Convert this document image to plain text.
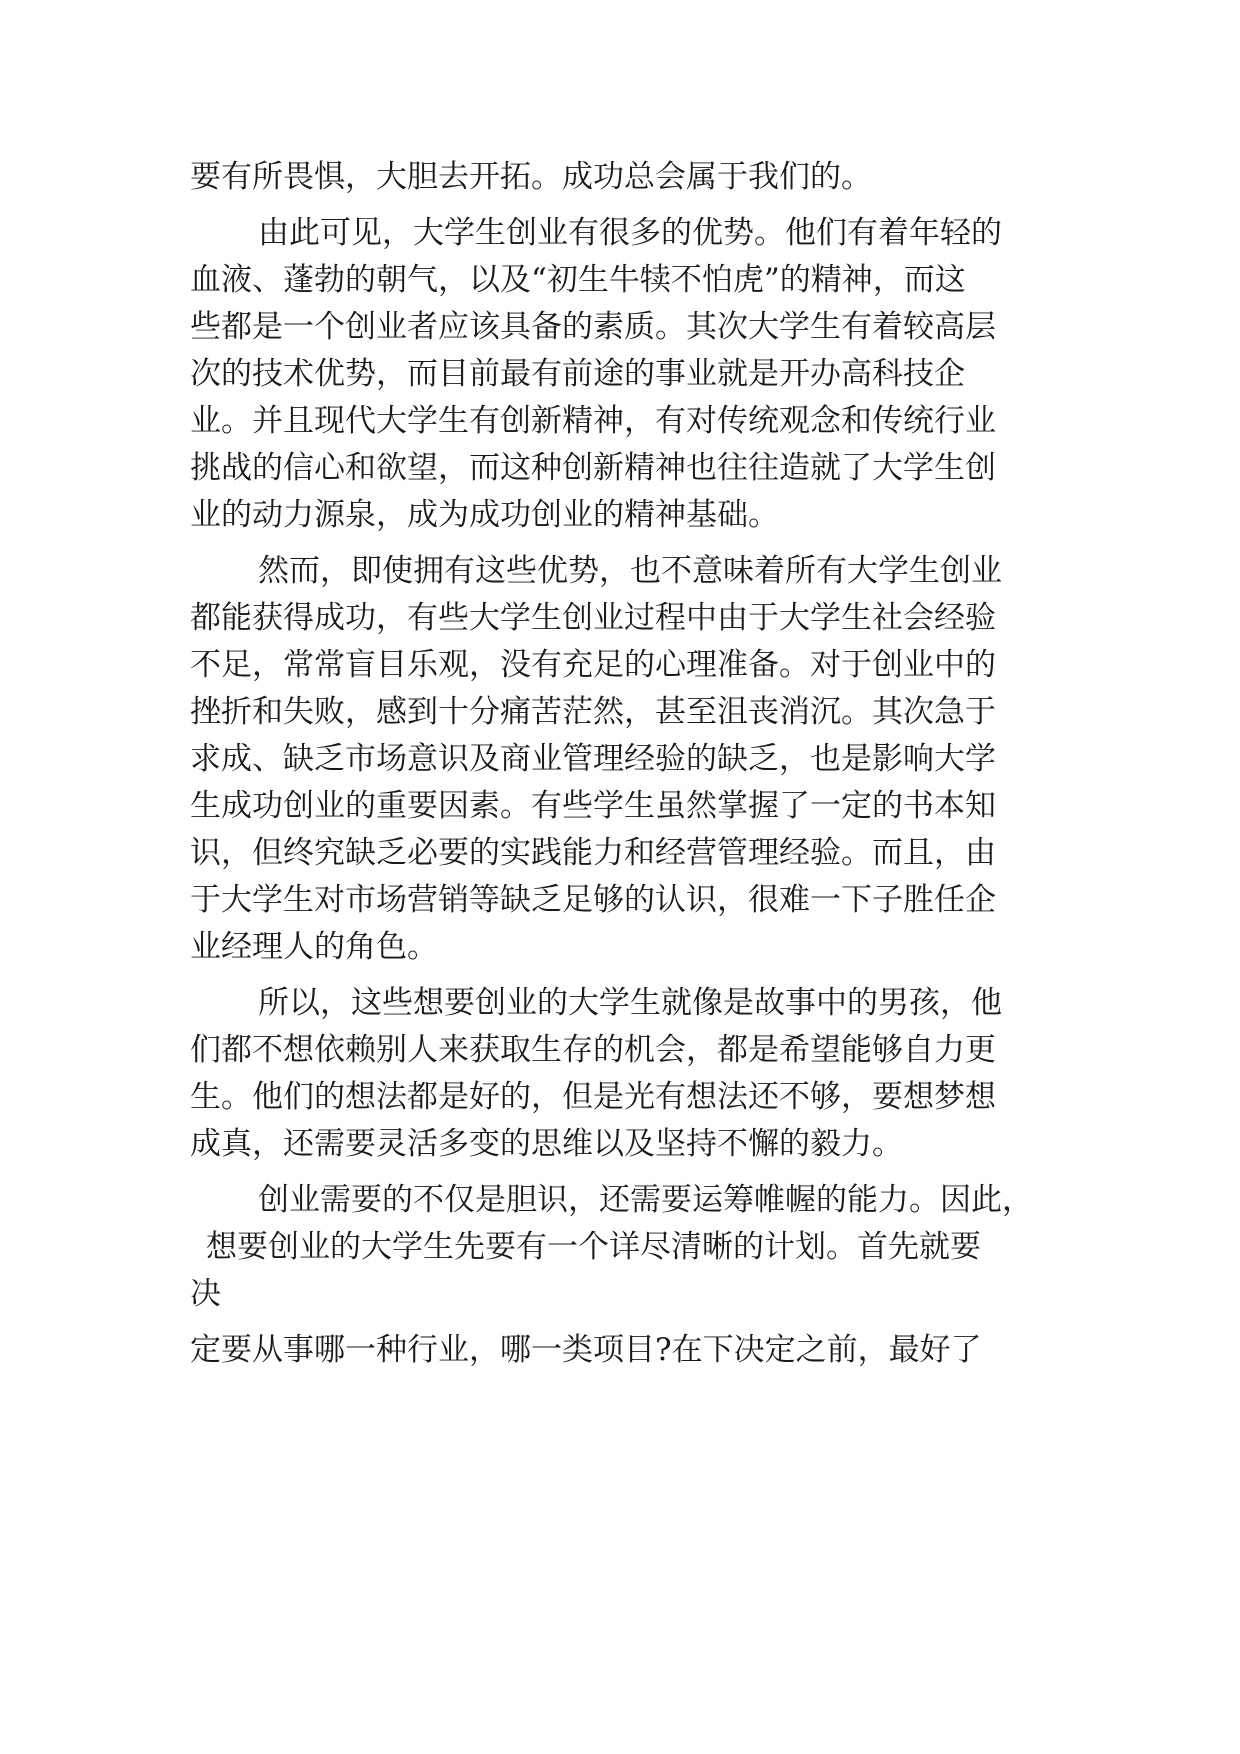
要有所畏惧，大胆去开拓。成功总会属于我们的。
由此可见，大学生创业有很多的优势。他们有着年轻的
血液、蓬勃的朝气，以及“初生牛犊不怕虎”的精神，而这
些都是一个创业者应该具备的素质。其次大学生有着较高层
次的技术优势，而目前最有前途的事业就是开办高科技企
业。并且现代大学生有创新精神，有对传统观念和传统行业
挑战的信心和欲望，而这种创新精神也往往造就了大学生创
业的动力源泉，成为成功创业的精神基础。
然而，即使拥有这些优势，也不意味着所有大学生创业
都能获得成功，有些大学生创业过程中由于大学生社会经验
不足，常常盲目乐观，没有充足的心理准备。对于创业中的
挫折和失败，感到十分痛苦茫然，甚至沮丧消沉。其次急于
求成、缺乏市场意识及商业管理经验的缺乏，也是影响大学
生成功创业的重要因素。有些学生虽然掌握了一定的书本知
识，但终究缺乏必要的实践能力和经营管理经验。而且，由
于大学生对市场营销等缺乏足够的认识，很难一下子胜任企
业经理人的角色。
所以，这些想要创业的大学生就像是故事中的男孩，他
们都不想依赖别人来获取生存的机会，都是希望能够自力更
生。他们的想法都是好的，但是光有想法还不够，要想梦想
成真，还需要灵活多变的思维以及坚持不懈的毅力。
创业需要的不仅是胆识，还需要运筹帷幄的能力。因此，
想要创业的大学生先要有一个详尽清晰的计划。首先就要
决
定要从事哪一种行业，哪一类项目?在下决定之前，最好了
